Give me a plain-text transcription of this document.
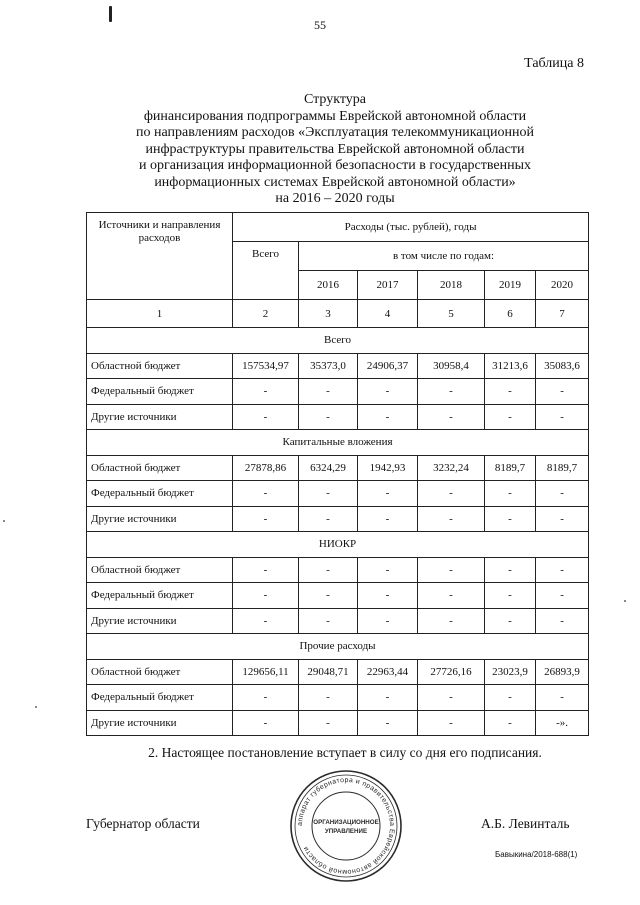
55
Таблица 8
Структура
финансирования подпрограммы Еврейской автономной области
по направлениям расходов «Эксплуатация телекоммуникационной
инфраструктуры правительства Еврейской автономной области
и организация информационной безопасности в государственных
информационных системах Еврейской автономной области»
на 2016 – 2020 годы
Источники и направления расходов	Расходы (тыс. рублей), годы					
	Всего	в том числе по годам:				
		2016	2017	2018	2019	2020
1	2	3	4	5	6	7
Всего						
Областной бюджет	157534,97	35373,0	24906,37	30958,4	31213,6	35083,6
Федеральный бюджет	-	-	-	-	-	-
Другие источники	-	-	-	-	-	-
Капитальные вложения						
Областной бюджет	27878,86	6324,29	1942,93	3232,24	8189,7	8189,7
Федеральный бюджет	-	-	-	-	-	-
Другие источники	-	-	-	-	-	-
НИОКР						
Областной бюджет	-	-	-	-	-	-
Федеральный бюджет	-	-	-	-	-	-
Другие источники	-	-	-	-	-	-
Прочие расходы						
Областной бюджет	129656,11	29048,71	22963,44	27726,16	23023,9	26893,9
Федеральный бюджет	-	-	-	-	-	-
Другие источники	-	-	-	-	-	-».
2. Настоящее постановление вступает в силу со дня его подписания.
аппарат губернатора и правительства Еврейской автономной области
ОРГАНИЗАЦИОННОЕ
УПРАВЛЕНИЕ
Губернатор области	А.Б. Левинталь
Бавыкина/2018-688(1)
